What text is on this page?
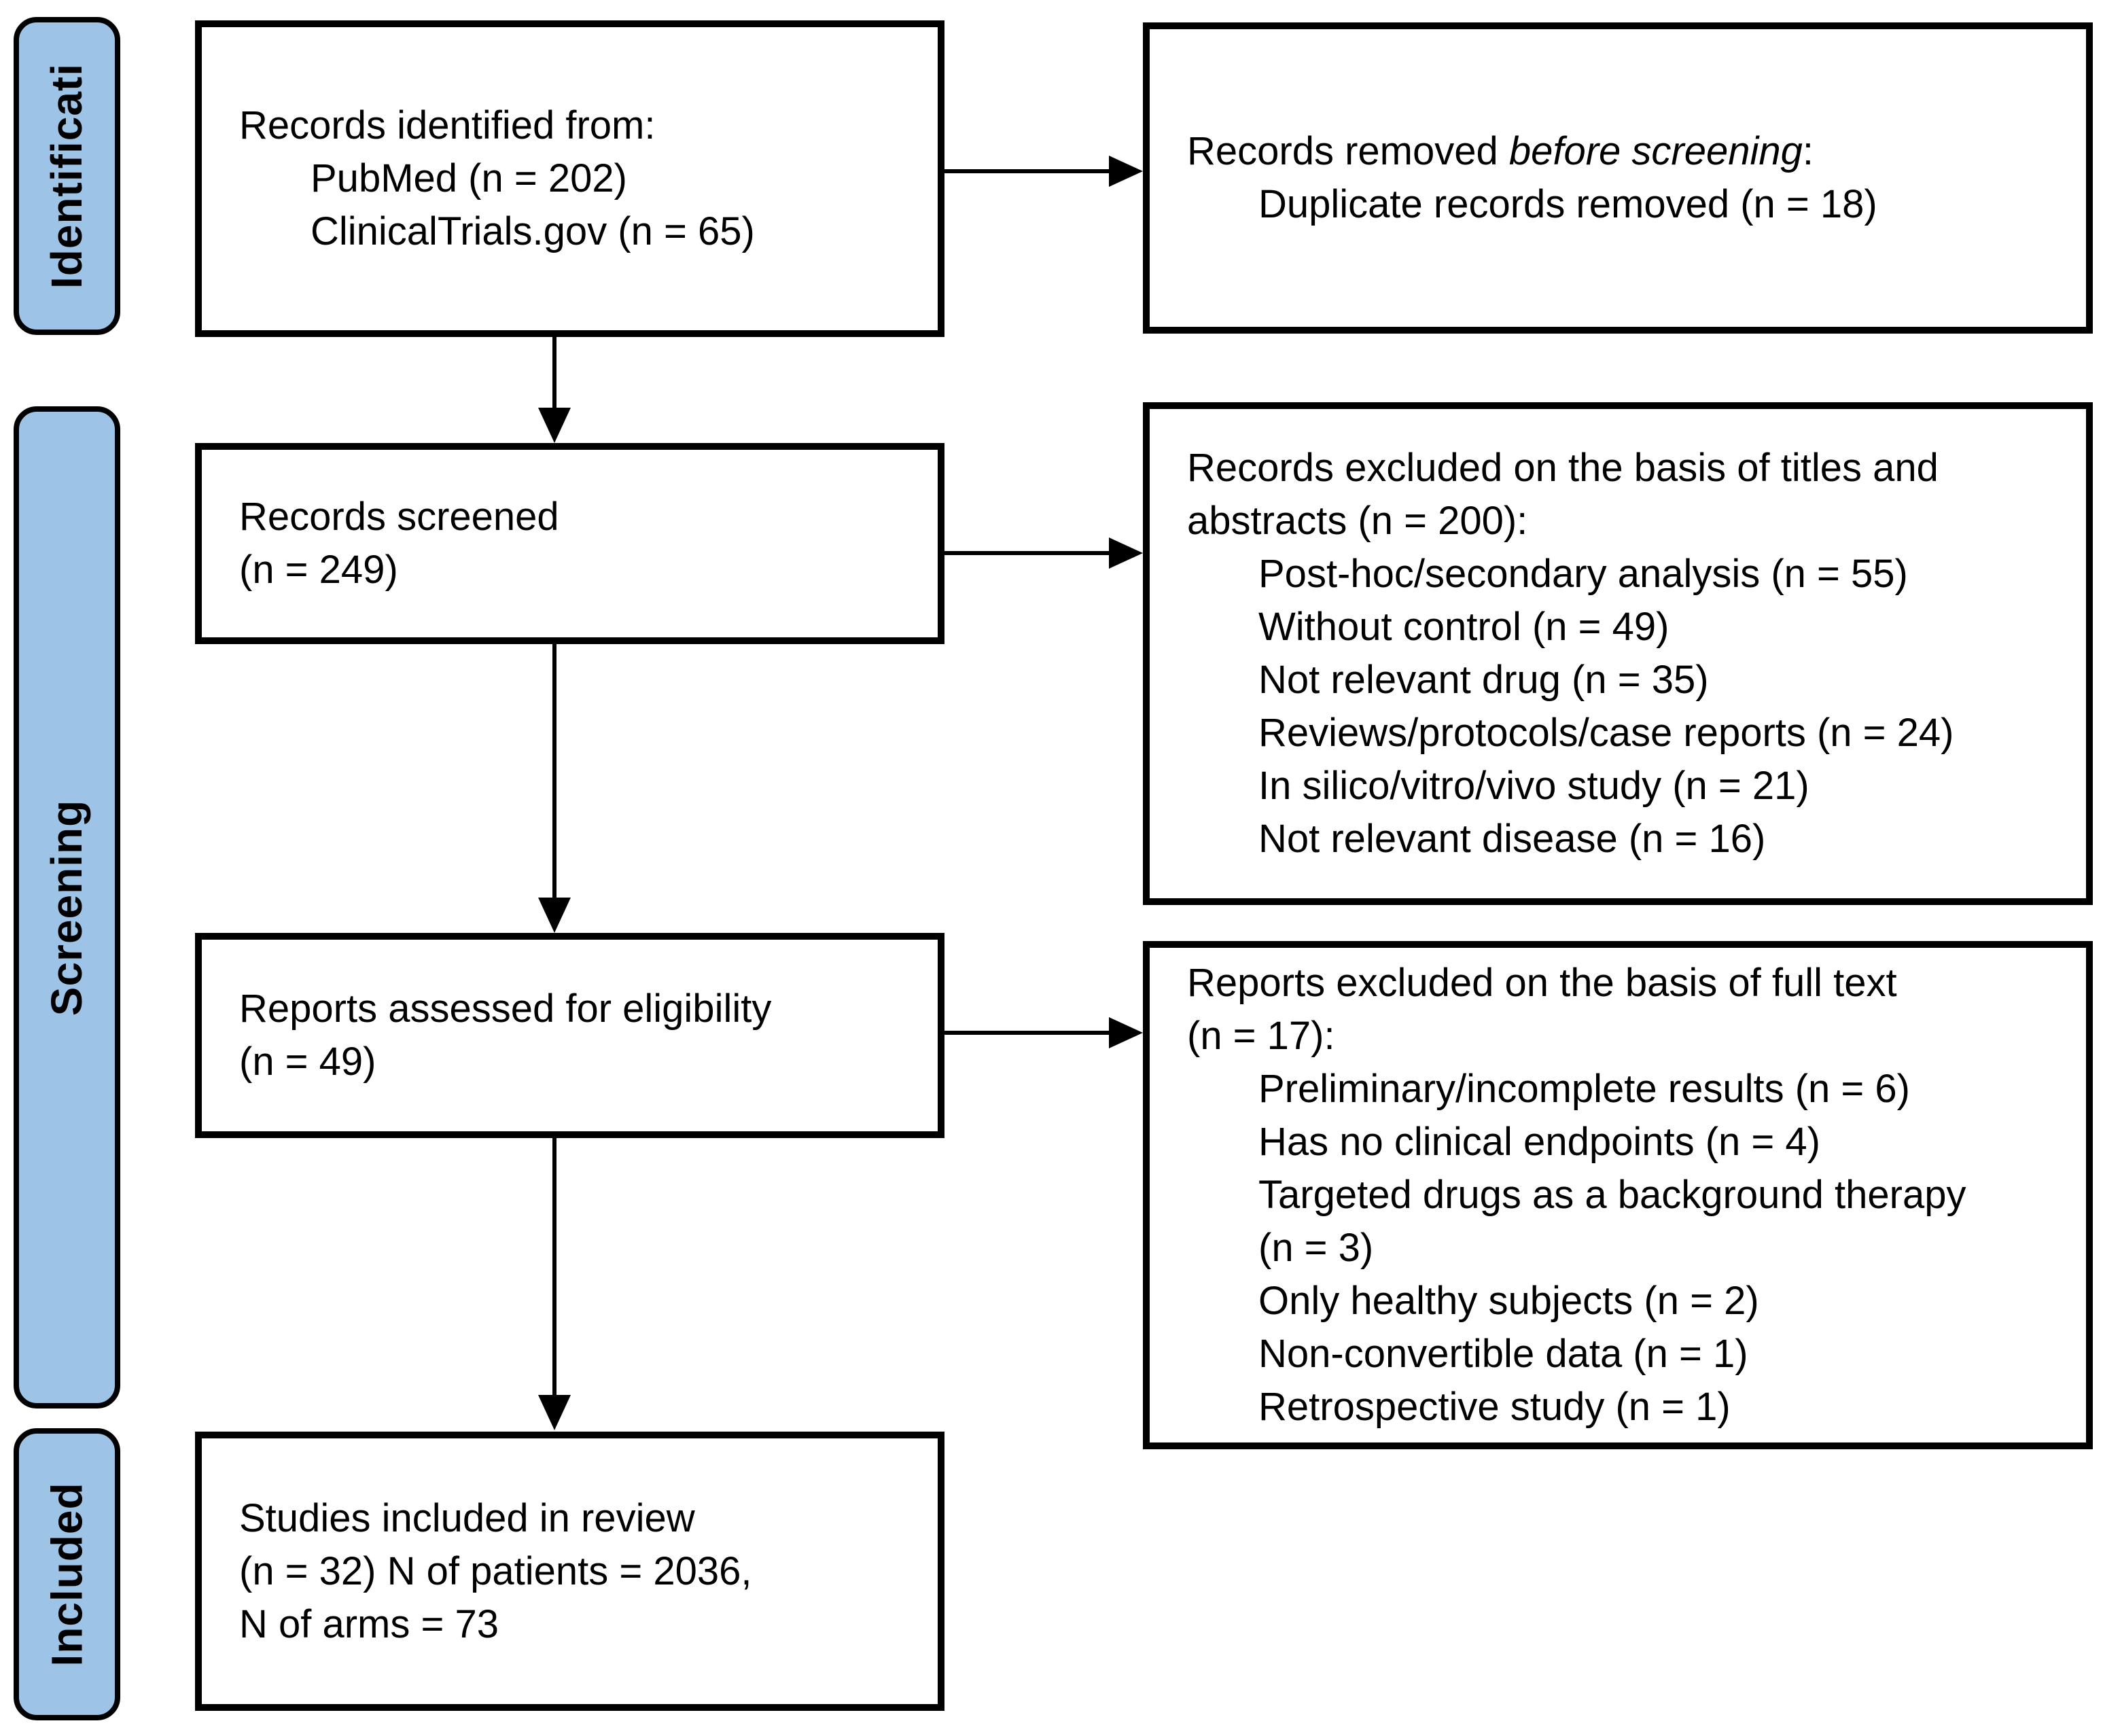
Identificati
Screening
Included
Records identified from:
PubMed (n = 202)
ClinicalTrials.gov (n = 65)
Records removed before screening:
Duplicate records removed (n = 18)
Records screened
(n = 249)
Records excluded on the basis of titles and
abstracts (n = 200):
Post-hoc/secondary analysis (n = 55)
Without control (n = 49)
Not relevant drug (n = 35)
Reviews/protocols/case reports (n = 24)
In silico/vitro/vivo study (n = 21)
Not relevant disease (n = 16)
Reports assessed for eligibility
(n = 49)
Reports excluded on the basis of full text
(n = 17):
Preliminary/incomplete results (n = 6)
Has no clinical endpoints (n = 4)
Targeted drugs as a background therapy
(n = 3)
Only healthy subjects (n = 2)
Non-convertible data (n = 1)
Retrospective study (n = 1)
Studies included in review
(n = 32) N of patients = 2036,
N of arms = 73
